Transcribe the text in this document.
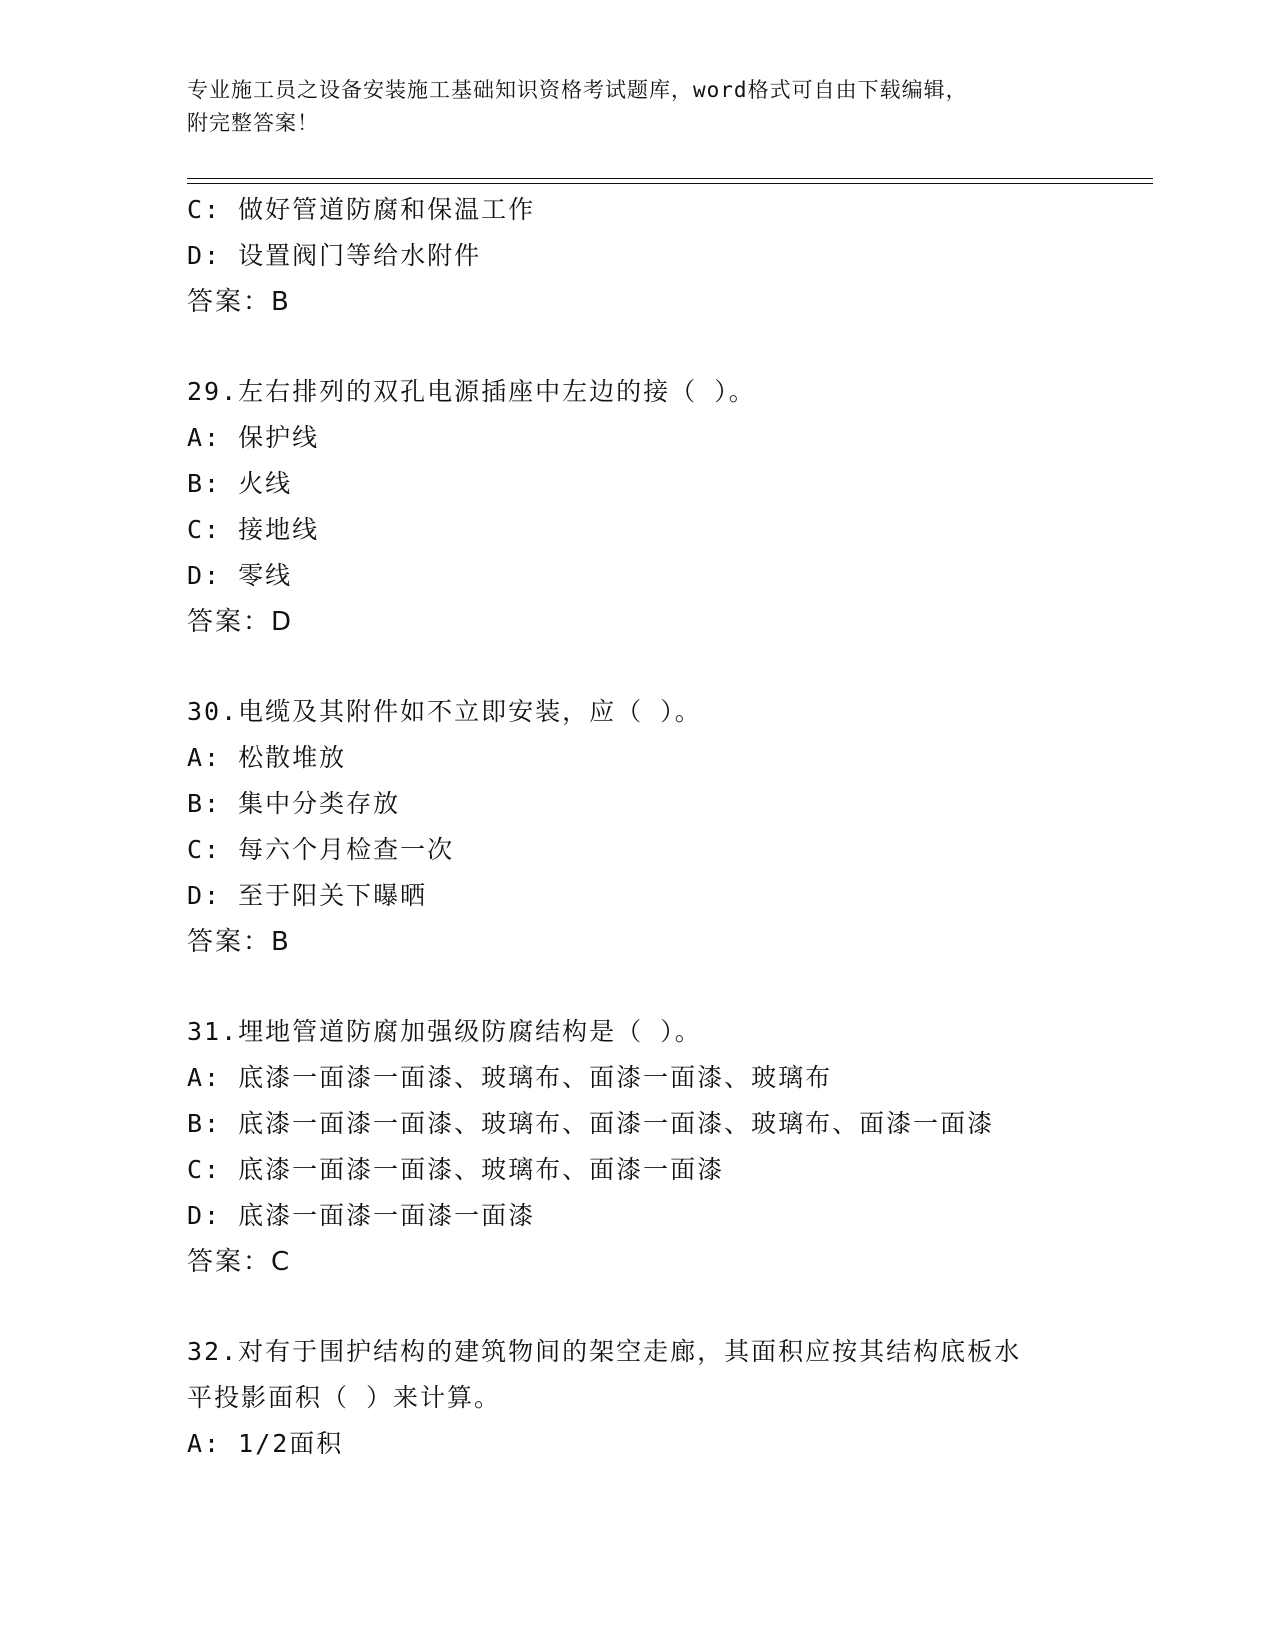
专业施工员之设备安装施工基础知识资格考试题库，word格式可自由下载编辑，
附完整答案！
C: 做好管道防腐和保温工作
D: 设置阀门等给水附件
答案：B
29.左右排列的双孔电源插座中左边的接（ ）。
A: 保护线
B: 火线
C: 接地线
D: 零线
答案：D
30.电缆及其附件如不立即安装，应（ ）。
A: 松散堆放
B: 集中分类存放
C: 每六个月检查一次
D: 至于阳关下曝晒
答案：B
31.埋地管道防腐加强级防腐结构是（ ）。
A: 底漆一面漆一面漆、玻璃布、面漆一面漆、玻璃布
B: 底漆一面漆一面漆、玻璃布、面漆一面漆、玻璃布、面漆一面漆
C: 底漆一面漆一面漆、玻璃布、面漆一面漆
D: 底漆一面漆一面漆一面漆
答案：C
32.对有于围护结构的建筑物间的架空走廊，其面积应按其结构底板水
平投影面积（ ）来计算。
A: 1/2面积
